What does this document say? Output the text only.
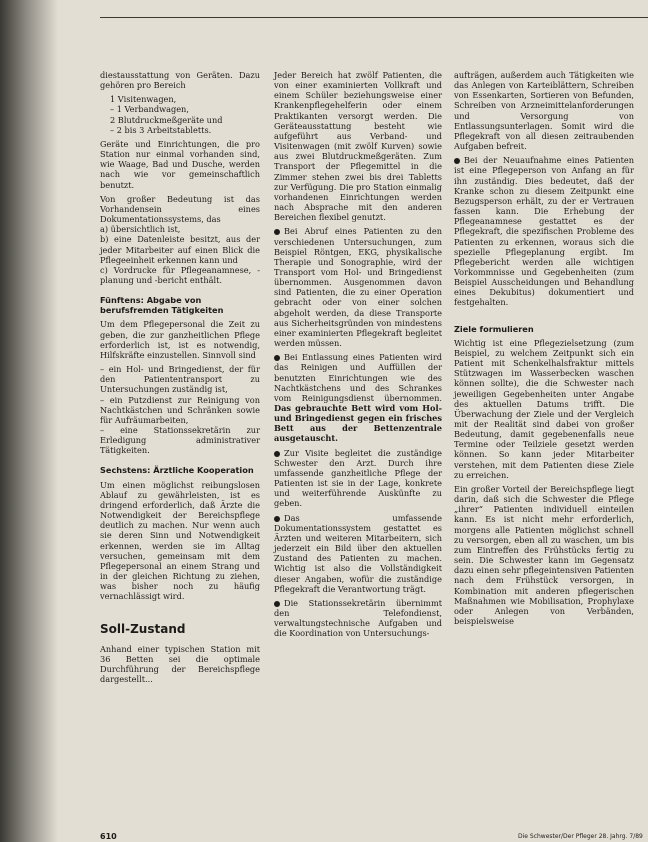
diestausstattung von Geräten. Dazu gehören pro Bereich

1 Visitenwagen,
– 1 Verbandwagen,
2 Blutdruckmeßgeräte und
– 2 bis 3 Arbeitstabletts.

Geräte und Einrichtungen, die pro Station nur einmal vorhanden sind, wie Waage, Bad und Dusche, werden nach wie vor gemeinschaftlich benutzt.

Von großer Bedeutung ist das Vorhandensein eines Dokumentationssystems, das

a) übersichtlich ist,

b) eine Datenleiste besitzt, aus der jeder Mitarbeiter auf einen Blick die Pflegeeinheit erkennen kann und

c) Vordrucke für Pflegeanamnese, -planung und -bericht enthält.

Fünftens: Abgabe von berufsfremden Tätigkeiten

Um dem Pflegepersonal die Zeit zu geben, die zur ganzheitlichen Pflege erforderlich ist, ist es notwendig, Hilfskräfte einzustellen. Sinnvoll sind

– ein Hol- und Bringedienst, der für den Patiententransport zu Untersuchungen zuständig ist,

– ein Putzdienst zur Reinigung von Nachtkästchen und Schränken sowie für Aufräumarbeiten,

– eine Stationssekretärin zur Erledigung administrativer Tätigkeiten.

Sechstens: Ärztliche Kooperation

Um einen möglichst reibungslosen Ablauf zu gewährleisten, ist es dringend erforderlich, daß Ärzte die Notwendigkeit der Bereichspflege deutlich zu machen. Nur wenn auch sie deren Sinn und Notwendigkeit erkennen, werden sie im Alltag versuchen, gemeinsam mit dem Pflegepersonal an einem Strang und in der gleichen Richtung zu ziehen, was bisher noch zu häufig vernachlässigt wird.

Soll-Zustand

Anhand einer typischen Station mit 36 Betten sei die optimale Durchführung der Bereichspflege dargestellt...

Jeder Bereich hat zwölf Patienten, die von einer examinierten Vollkraft und einem Schüler beziehungsweise einer Krankenpflegehelferin oder einem Praktikanten versorgt werden. Die Geräteausstattung besteht wie aufgeführt aus Verband- und Visitenwagen (mit zwölf Kurven) sowie aus zwei Blutdruckmeßgeräten. Zum Transport der Pflegemittel in die Zimmer stehen zwei bis drei Tabletts zur Verfügung. Die pro Station einmalig vorhandenen Einrichtungen werden nach Absprache mit den anderen Bereichen flexibel genutzt.

Bei Abruf eines Patienten zu den verschiedenen Untersuchungen, zum Beispiel Röntgen, EKG, physikalische Therapie und Sonographie, wird der Transport vom Hol- und Bringedienst übernommen. Ausgenommen davon sind Patienten, die zu einer Operation gebracht oder von einer solchen abgeholt werden, da diese Transporte aus Sicherheitsgründen von mindestens einer examinierten Pflegekraft begleitet werden müssen.

Bei Entlassung eines Patienten wird das Reinigen und Auffüllen der benutzten Einrichtungen wie des Nachtkästchens und des Schrankes vom Reinigungsdienst übernommen. Das gebrauchte Bett wird vom Hol- und Bringedienst gegen ein frisches Bett aus der Bettenzentrale ausgetauscht.

Zur Visite begleitet die zuständige Schwester den Arzt. Durch ihre umfassende ganzheitliche Pflege der Patienten ist sie in der Lage, konkrete und weiterführende Auskünfte zu geben.

Das umfassende Dokumentationssystem gestattet es Ärzten und weiteren Mitarbeitern, sich jederzeit ein Bild über den aktuellen Zustand des Patienten zu machen. Wichtig ist also die Vollständigkeit dieser Angaben, wofür die zuständige Pflegekraft die Verantwortung trägt.

Die Stationssekretärin übernimmt den Telefondienst, verwaltungstechnische Aufgaben und die Koordination von Untersuchungs-

aufträgen, außerdem auch Tätigkeiten wie das Anlegen von Karteiblättern, Schreiben von Essenkarten, Sortieren von Befunden, Schreiben von Arzneimittelanforderungen und Versorgung von Entlassungsunterlagen. Somit wird die Pflegekraft von all diesen zeitraubenden Aufgaben befreit.

Bei der Neuaufnahme eines Patienten ist eine Pflegeperson von Anfang an für ihn zuständig. Dies bedeutet, daß der Kranke schon zu diesem Zeitpunkt eine Bezugsperson erhält, zu der er Vertrauen fassen kann. Die Erhebung der Pflegeanamnese gestattet es der Pflegekraft, die spezifischen Probleme des Patienten zu erkennen, woraus sich die spezielle Pflegeplanung ergibt. Im Pflegebericht werden alle wichtigen Vorkommnisse und Gegebenheiten (zum Beispiel Ausscheidungen und Behandlung eines Dekubitus) dokumentiert und festgehalten.

Ziele formulieren

Wichtig ist eine Pflegezielsetzung (zum Beispiel, zu welchem Zeitpunkt sich ein Patient mit Schenkelhalsfraktur mittels Stützwagen im Wasserbecken waschen können sollte), die die Schwester nach jeweiligen Gegebenheiten unter Angabe des aktuellen Datums trifft. Die Überwachung der Ziele und der Vergleich mit der Realität sind dabei von großer Bedeutung, damit gegebenenfalls neue Termine oder Teilziele gesetzt werden können. So kann jeder Mitarbeiter verstehen, mit dem Patienten diese Ziele zu erreichen.

Ein großer Vorteil der Bereichspflege liegt darin, daß sich die Schwester die Pflege „ihrer“ Patienten individuell einteilen kann. Es ist nicht mehr erforderlich, morgens alle Patienten möglichst schnell zu versorgen, eben all zu waschen, um bis zum Eintreffen des Frühstücks fertig zu sein. Die Schwester kann im Gegensatz dazu einen sehr pflegeintensiven Patienten nach dem Frühstück versorgen, in Kombination mit anderen pflegerischen Maßnahmen wie Mobilisation, Prophylaxe oder Anlegen von Verbänden, beispielsweise

610	Die Schwester/Der Pfleger 28. Jahrg. 7/89
